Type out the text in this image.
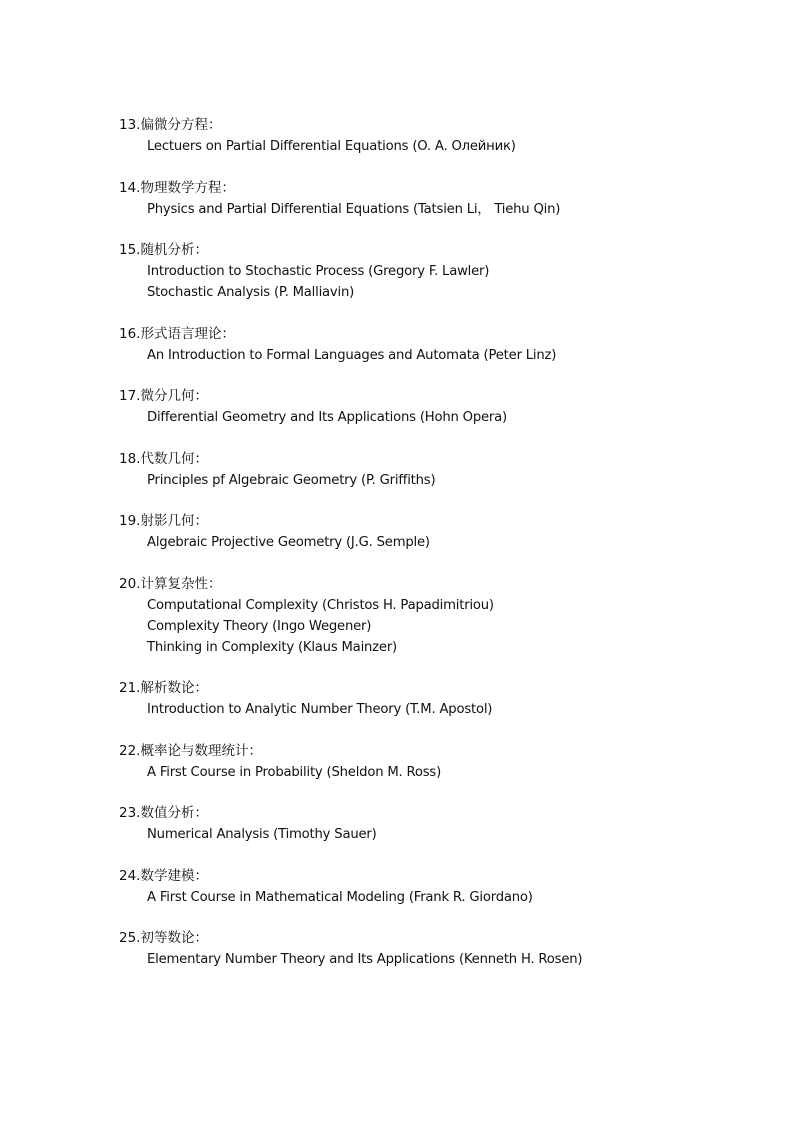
13.偏微分方程：
Lectuers on Partial Differential Equations (O. A. Олейник)
14.物理数学方程：
Physics and Partial Differential Equations (Tatsien Li， Tiehu Qin)
15.随机分析：
Introduction to Stochastic Process (Gregory F. Lawler)
Stochastic Analysis (P. Malliavin)
16.形式语言理论：
An Introduction to Formal Languages and Automata (Peter Linz)
17.微分几何：
Differential Geometry and Its Applications (Hohn Opera)
18.代数几何：
Principles pf Algebraic Geometry (P. Griffiths)
19.射影几何：
Algebraic Projective Geometry (J.G. Semple)
20.计算复杂性：
Computational Complexity (Christos H. Papadimitriou)
Complexity Theory (Ingo Wegener)
Thinking in Complexity (Klaus Mainzer)
21.解析数论：
Introduction to Analytic Number Theory (T.M. Apostol)
22.概率论与数理统计：
A First Course in Probability (Sheldon M. Ross)
23.数值分析：
Numerical Analysis (Timothy Sauer)
24.数学建模：
A First Course in Mathematical Modeling (Frank R. Giordano)
25.初等数论：
Elementary Number Theory and Its Applications (Kenneth H. Rosen)
